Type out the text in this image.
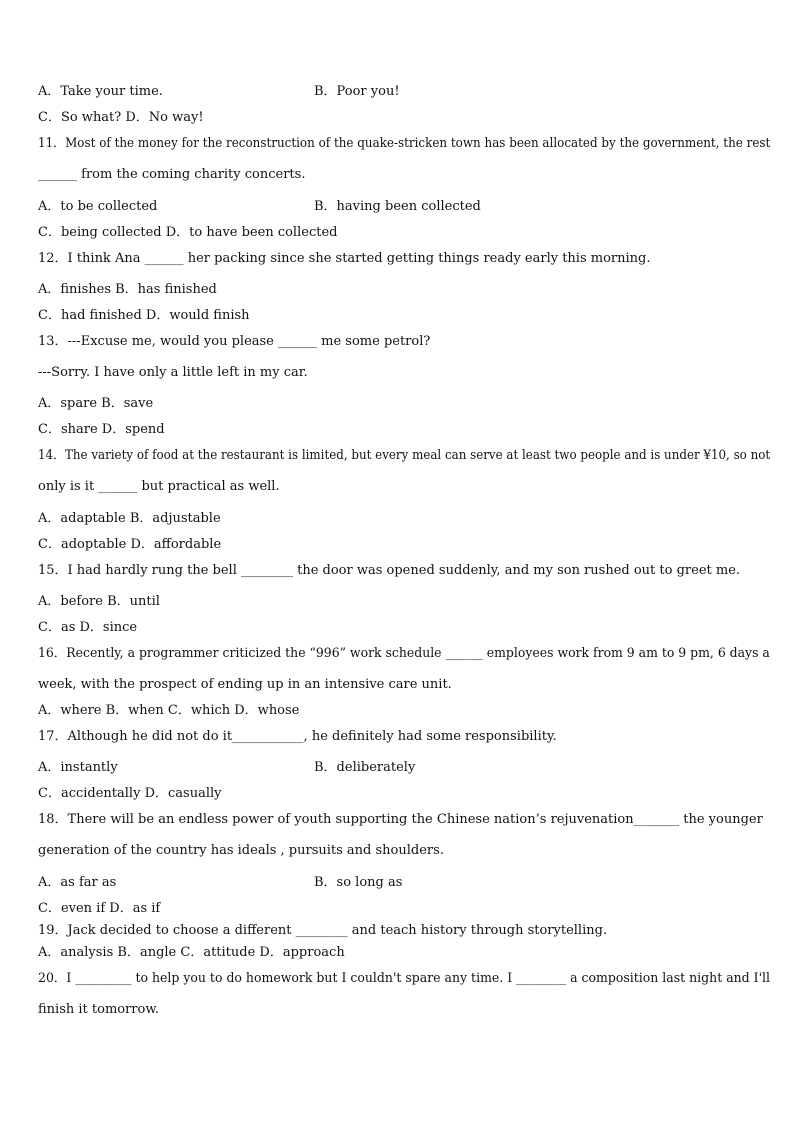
A．Take your time.	B．Poor you!
C．So what? D．No way!
11．Most of the money for the reconstruction of the quake-stricken town has been allocated by the government, the rest
______ from the coming charity concerts.
A．to be collected	B．having been collected
C．being collected D．to have been collected
12．I think Ana ______ her packing since she started getting things ready early this morning.
A．finishes B．has finished
C．had finished D．would finish
13．---Excuse me, would you please ______ me some petrol?
---Sorry. I have only a little left in my car.
A．spare B．save
C．share D．spend
14．The variety of food at the restaurant is limited, but every meal can serve at least two people and is under ¥10, so not
only is it ______ but practical as well.
A．adaptable B．adjustable
C．adoptable D．affordable
15．I had hardly rung the bell ________ the door was opened suddenly, and my son rushed out to greet me.
A．before B．until
C．as D．since
16．Recently, a programmer criticized the “996” work schedule ______ employees work from 9 am to 9 pm, 6 days a
week, with the prospect of ending up in an intensive care unit.
A．where B．when C．which D．whose
17．Although he did not do it___________, he definitely had some responsibility.
A．instantly	B．deliberately
C．accidentally D．casually
18．There will be an endless power of youth supporting the Chinese nation’s rejuvenation_______ the younger
generation of the country has ideals , pursuits and shoulders.
A．as far as	B．so long as
C．even if D．as if
19．Jack decided to choose a different ________ and teach history through storytelling.
A．analysis B．angle C．attitude D．approach
20．I _________ to help you to do homework but I couldn't spare any time. I ________ a composition last night and I'll
finish it tomorrow.
